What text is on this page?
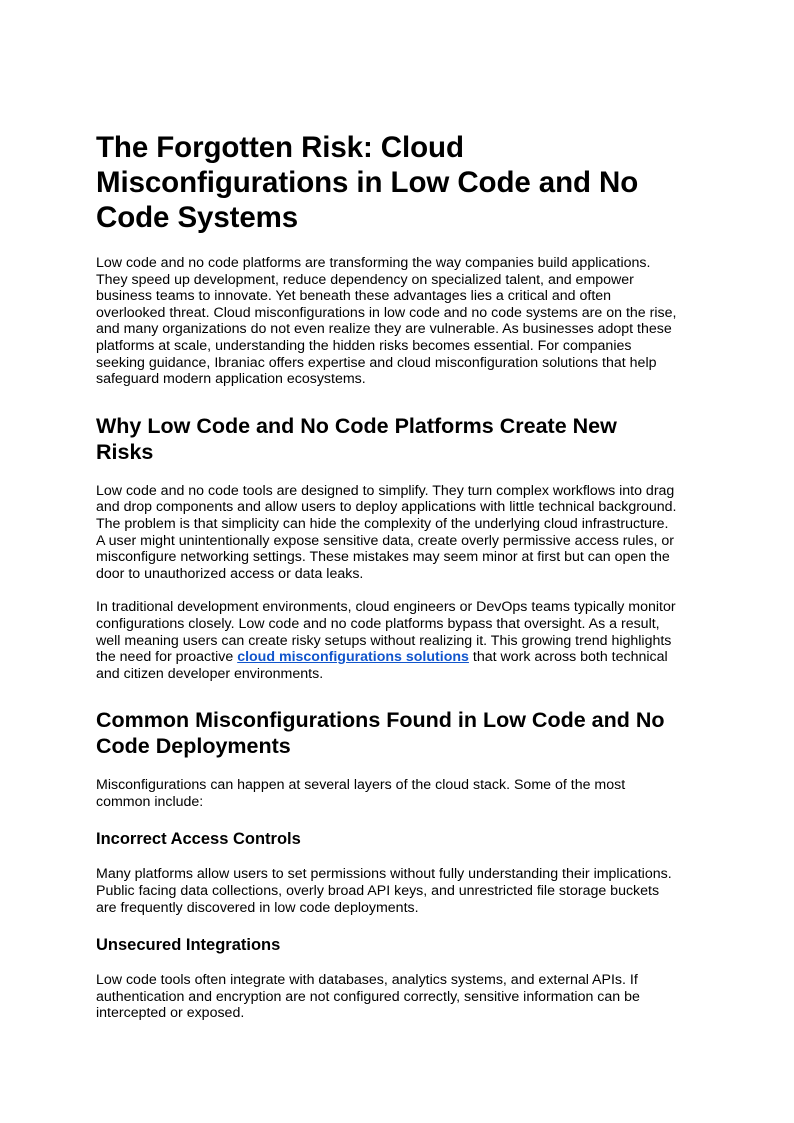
The Forgotten Risk: Cloud
Misconfigurations in Low Code and No
Code Systems

Low code and no code platforms are transforming the way companies build applications.
They speed up development, reduce dependency on specialized talent, and empower
business teams to innovate. Yet beneath these advantages lies a critical and often
overlooked threat. Cloud misconfigurations in low code and no code systems are on the rise,
and many organizations do not even realize they are vulnerable. As businesses adopt these
platforms at scale, understanding the hidden risks becomes essential. For companies
seeking guidance, Ibraniac offers expertise and cloud misconfiguration solutions that help
safeguard modern application ecosystems.

Why Low Code and No Code Platforms Create New
Risks

Low code and no code tools are designed to simplify. They turn complex workflows into drag
and drop components and allow users to deploy applications with little technical background.
The problem is that simplicity can hide the complexity of the underlying cloud infrastructure.
A user might unintentionally expose sensitive data, create overly permissive access rules, or
misconfigure networking settings. These mistakes may seem minor at first but can open the
door to unauthorized access or data leaks.

In traditional development environments, cloud engineers or DevOps teams typically monitor
configurations closely. Low code and no code platforms bypass that oversight. As a result,
well meaning users can create risky setups without realizing it. This growing trend highlights
the need for proactive cloud misconfigurations solutions that work across both technical
and citizen developer environments.

Common Misconfigurations Found in Low Code and No
Code Deployments

Misconfigurations can happen at several layers of the cloud stack. Some of the most
common include:

Incorrect Access Controls

Many platforms allow users to set permissions without fully understanding their implications.
Public facing data collections, overly broad API keys, and unrestricted file storage buckets
are frequently discovered in low code deployments.

Unsecured Integrations

Low code tools often integrate with databases, analytics systems, and external APIs. If
authentication and encryption are not configured correctly, sensitive information can be
intercepted or exposed.
